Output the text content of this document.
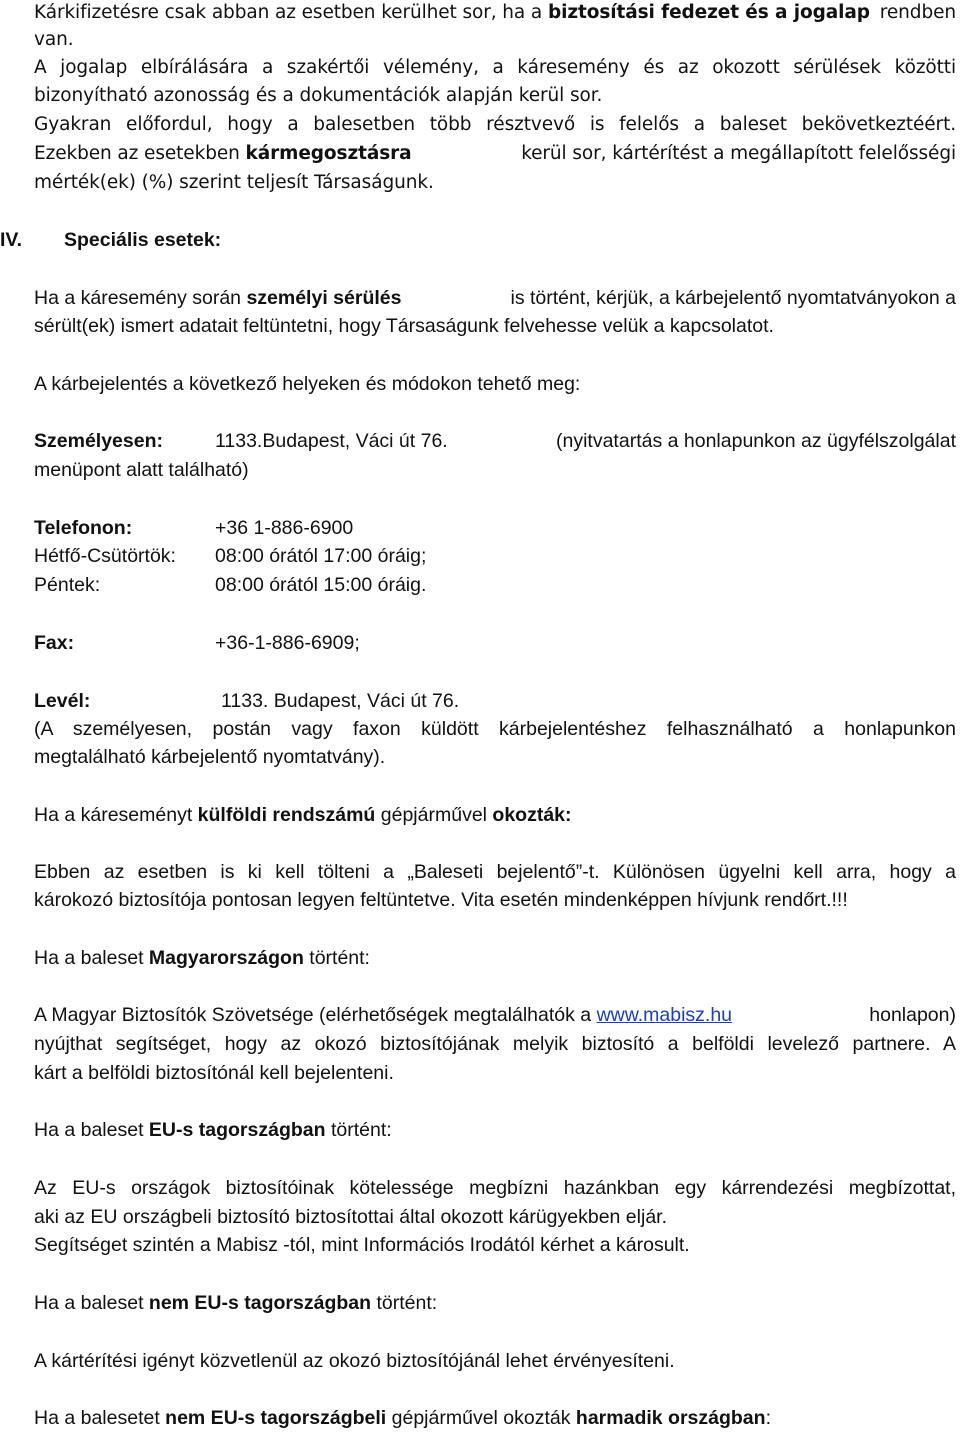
Kárkifizetésre csak abban az esetben kerülhet sor, ha a biztosítási fedezet és a jogalap rendben
van.
A jogalap elbírálására a szakértői vélemény, a káresemény és az okozott sérülések közötti
bizonyítható azonosság és a dokumentációk alapján kerül sor.
Gyakran előfordul, hogy a balesetben több résztvevő is felelős a baleset bekövetkeztéért.
Ezekben az esetekben kármegosztásra	kerül sor, kártérítést a megállapított felelősségi
mérték(ek) (%) szerint teljesít Társaságunk.
IV. Speciális esetek:
Ha a káresemény során személyi sérülés	is történt, kérjük, a kárbejelentő nyomtatványokon a
sérült(ek) ismert adatait feltüntetni, hogy Társaságunk felvehesse velük a kapcsolatot.
A kárbejelentés a következő helyeken és módokon tehető meg:
Személyesen:	1133.Budapest, Váci út 76.	(nyitvatartás a honlapunkon az ügyfélszolgálat
menüpont alatt található)
Telefonon:	+36 1-886-6900
Hétfő-Csütörtök: 08:00 órától 17:00 óráig;
Péntek:	08:00 órától 15:00 óráig.
Fax:	+36-1-886-6909;
Levél:	1133. Budapest, Váci út 76.
(A személyesen, postán vagy faxon küldött kárbejelentéshez felhasználható a honlapunkon
megtalálható kárbejelentő nyomtatvány).
Ha a káreseményt külföldi rendszámú gépjárművel okozták:
Ebben az esetben is ki kell tölteni a „Baleseti bejelentő”-t. Különösen ügyelni kell arra, hogy a
károkozó biztosítója pontosan legyen feltüntetve. Vita esetén mindenképpen hívjunk rendőrt.!!!
Ha a baleset Magyarországon történt:
A Magyar Biztosítók Szövetsége (elérhetőségek megtalálhatók a www.mabisz.hu	honlapon)
nyújthat segítséget, hogy az okozó biztosítójának melyik biztosító a belföldi levelező partnere. A
kárt a belföldi biztosítónál kell bejelenteni.
Ha a baleset EU-s tagországban történt:
Az EU-s országok biztosítóinak kötelessége megbízni hazánkban egy kárrendezési megbízottat,
aki az EU országbeli biztosító biztosítottai által okozott kárügyekben eljár.
Segítséget szintén a Mabisz -tól, mint Információs Irodától kérhet a károsult.
Ha a baleset nem EU-s tagországban történt:
A kártérítési igényt közvetlenül az okozó biztosítójánál lehet érvényesíteni.
Ha a balesetet nem EU-s tagországbeli gépjárművel okozták harmadik országban:
